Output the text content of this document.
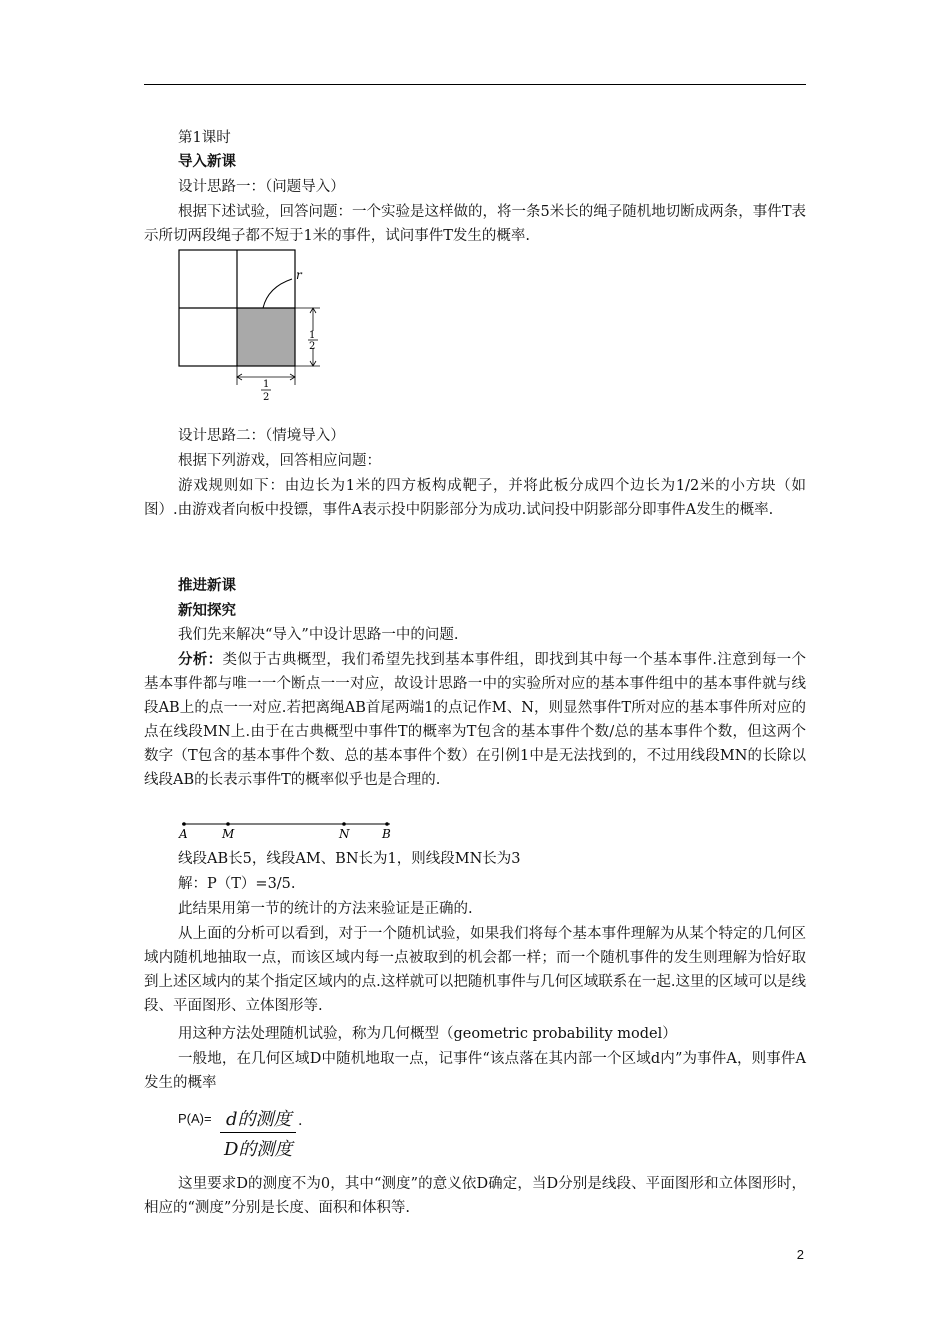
第1课时
导入新课
设计思路一：（问题导入）
根据下述试验，回答问题：一个实验是这样做的，将一条5米长的绳子随机地切断成两条，事件T表示所切两段绳子都不短于1米的事件，试问事件T发生的概率.
r
1
2
1
2
设计思路二：（情境导入）
根据下列游戏，回答相应问题：
游戏规则如下：由边长为1米的四方板构成靶子，并将此板分成四个边长为1/2米的小方块（如图）.由游戏者向板中投镖，事件A表示投中阴影部分为成功.试问投中阴影部分即事件A发生的概率.
推进新课
新知探究
我们先来解决“导入”中设计思路一中的问题.
分析：类似于古典概型，我们希望先找到基本事件组，即找到其中每一个基本事件.注意到每一个基本事件都与唯一一个断点一一对应，故设计思路一中的实验所对应的基本事件组中的基本事件就与线段AB上的点一一对应.若把离绳AB首尾两端1的点记作M、N，则显然事件T所对应的基本事件所对应的点在线段MN上.由于在古典概型中事件T的概率为T包含的基本事件个数/总的基本事件个数，但这两个数字（T包含的基本事件个数、总的基本事件个数）在引例1中是无法找到的，不过用线段MN的长除以线段AB的长表示事件T的概率似乎也是合理的.
A	M	N	B
线段AB长5，线段AM、BN长为1，则线段MN长为3
解：P（T）=3/5.
此结果用第一节的统计的方法来验证是正确的.
从上面的分析可以看到，对于一个随机试验，如果我们将每个基本事件理解为从某个特定的几何区域内随机地抽取一点，而该区域内每一点被取到的机会都一样；而一个随机事件的发生则理解为恰好取到上述区域内的某个指定区域内的点.这样就可以把随机事件与几何区域联系在一起.这里的区域可以是线段、平面图形、立体图形等.
用这种方法处理随机试验，称为几何概型（geometric probability model）
一般地，在几何区域D中随机地取一点，记事件“该点落在其内部一个区域d内”为事件A，则事件A发生的概率
P(A)= d的测度 .
D的测度
这里要求D的测度不为0，其中“测度”的意义依D确定，当D分别是线段、平面图形和立体图形时，相应的“测度”分别是长度、面积和体积等.
2
